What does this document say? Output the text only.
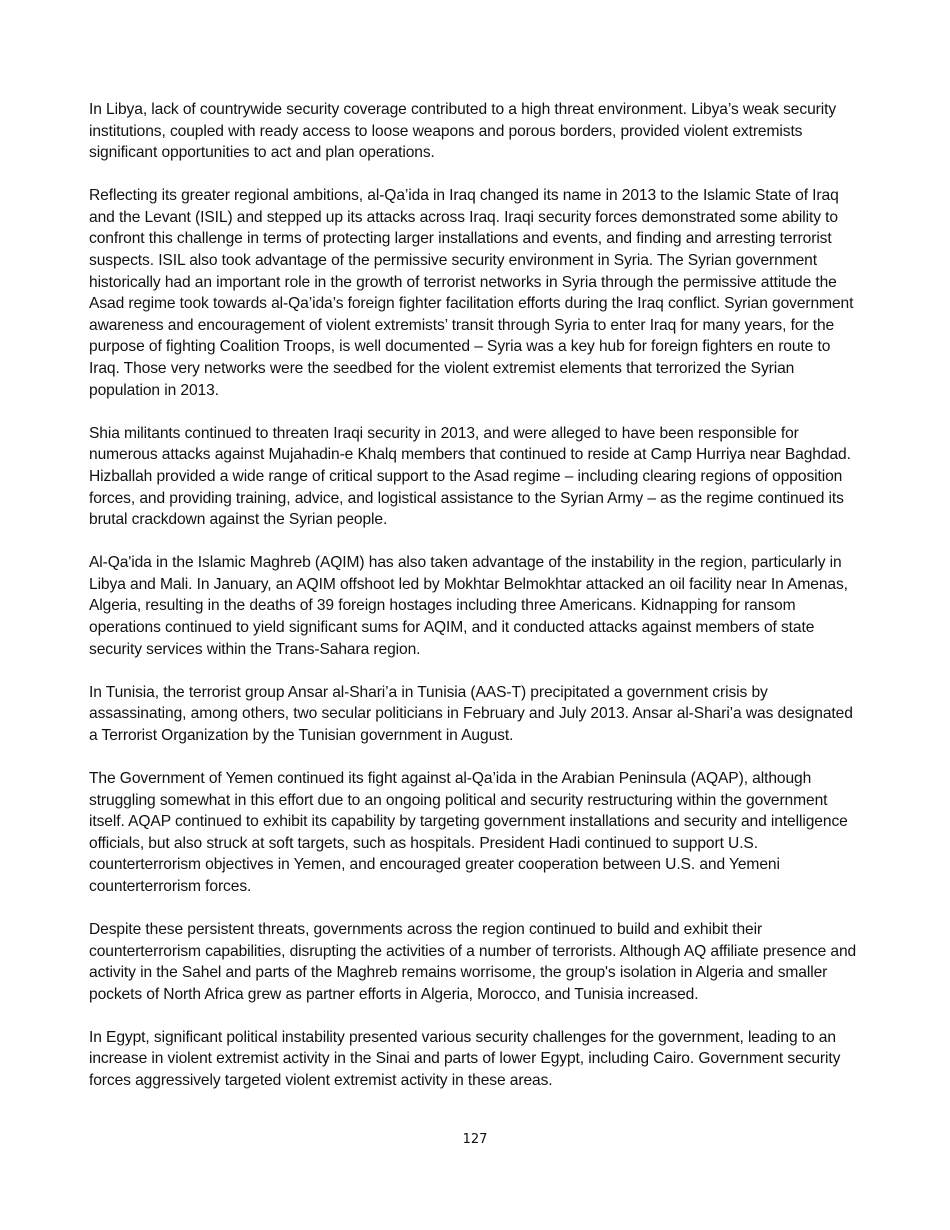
In Libya, lack of countrywide security coverage contributed to a high threat environment. Libya’s weak security institutions, coupled with ready access to loose weapons and porous borders, provided violent extremists significant opportunities to act and plan operations.

Reflecting its greater regional ambitions, al-Qa’ida in Iraq changed its name in 2013 to the Islamic State of Iraq and the Levant (ISIL) and stepped up its attacks across Iraq. Iraqi security forces demonstrated some ability to confront this challenge in terms of protecting larger installations and events, and finding and arresting terrorist suspects. ISIL also took advantage of the permissive security environment in Syria. The Syrian government historically had an important role in the growth of terrorist networks in Syria through the permissive attitude the Asad regime took towards al-Qa’ida’s foreign fighter facilitation efforts during the Iraq conflict. Syrian government awareness and encouragement of violent extremists’ transit through Syria to enter Iraq for many years, for the purpose of fighting Coalition Troops, is well documented – Syria was a key hub for foreign fighters en route to Iraq. Those very networks were the seedbed for the violent extremist elements that terrorized the Syrian population in 2013.

Shia militants continued to threaten Iraqi security in 2013, and were alleged to have been responsible for numerous attacks against Mujahadin-e Khalq members that continued to reside at Camp Hurriya near Baghdad. Hizballah provided a wide range of critical support to the Asad regime – including clearing regions of opposition forces, and providing training, advice, and logistical assistance to the Syrian Army – as the regime continued its brutal crackdown against the Syrian people.

Al-Qa'ida in the Islamic Maghreb (AQIM) has also taken advantage of the instability in the region, particularly in Libya and Mali. In January, an AQIM offshoot led by Mokhtar Belmokhtar attacked an oil facility near In Amenas, Algeria, resulting in the deaths of 39 foreign hostages including three Americans. Kidnapping for ransom operations continued to yield significant sums for AQIM, and it conducted attacks against members of state security services within the Trans-Sahara region.

In Tunisia, the terrorist group Ansar al-Shari’a in Tunisia (AAS-T) precipitated a government crisis by assassinating, among others, two secular politicians in February and July 2013. Ansar al-Shari’a was designated a Terrorist Organization by the Tunisian government in August.

The Government of Yemen continued its fight against al-Qa’ida in the Arabian Peninsula (AQAP), although struggling somewhat in this effort due to an ongoing political and security restructuring within the government itself. AQAP continued to exhibit its capability by targeting government installations and security and intelligence officials, but also struck at soft targets, such as hospitals. President Hadi continued to support U.S. counterterrorism objectives in Yemen, and encouraged greater cooperation between U.S. and Yemeni counterterrorism forces.

Despite these persistent threats, governments across the region continued to build and exhibit their counterterrorism capabilities, disrupting the activities of a number of terrorists. Although AQ affiliate presence and activity in the Sahel and parts of the Maghreb remains worrisome, the group's isolation in Algeria and smaller pockets of North Africa grew as partner efforts in Algeria, Morocco, and Tunisia increased.

In Egypt, significant political instability presented various security challenges for the government, leading to an increase in violent extremist activity in the Sinai and parts of lower Egypt, including Cairo. Government security forces aggressively targeted violent extremist activity in these areas.

127
